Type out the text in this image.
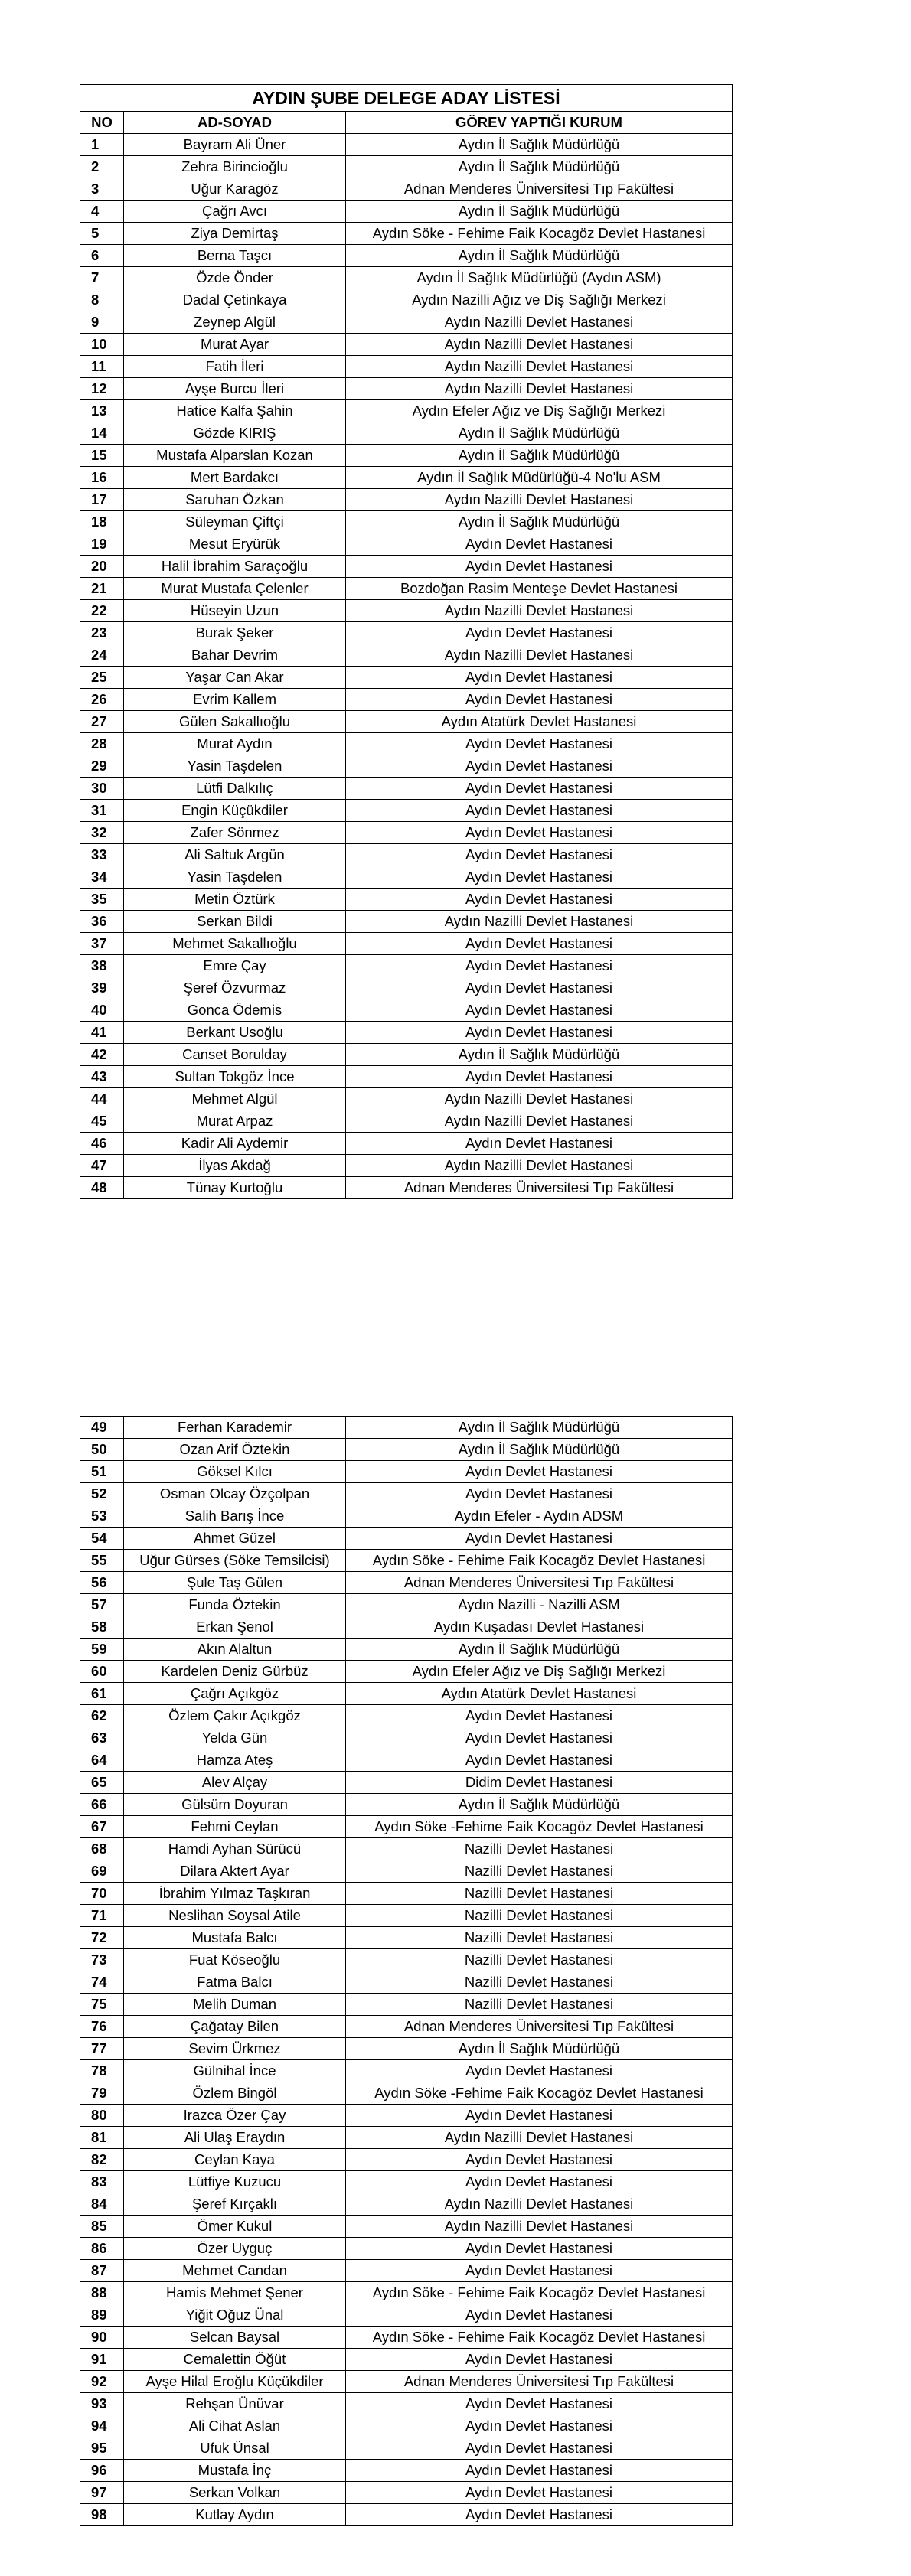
AYDIN ŞUBE DELEGE ADAY LİSTESİ		
NO	AD-SOYAD	GÖREV YAPTIĞI KURUM
1	Bayram Ali Üner	Aydın İl Sağlık Müdürlüğü
2	Zehra Birincioğlu	Aydın İl Sağlık Müdürlüğü
3	Uğur Karagöz	Adnan Menderes Üniversitesi Tıp Fakültesi
4	Çağrı Avcı	Aydın İl Sağlık Müdürlüğü
5	Ziya Demirtaş	Aydın Söke - Fehime Faik Kocagöz Devlet Hastanesi
6	Berna Taşcı	Aydın İl Sağlık Müdürlüğü
7	Özde Önder	Aydın İl Sağlık Müdürlüğü (Aydın ASM)
8	Dadal Çetinkaya	Aydın Nazilli Ağız ve Diş Sağlığı Merkezi
9	Zeynep Algül	Aydın Nazilli Devlet Hastanesi
10	Murat Ayar	Aydın Nazilli Devlet Hastanesi
11	Fatih İleri	Aydın Nazilli Devlet Hastanesi
12	Ayşe Burcu İleri	Aydın Nazilli Devlet Hastanesi
13	Hatice Kalfa Şahin	Aydın Efeler Ağız ve Diş Sağlığı Merkezi
14	Gözde KIRIŞ	Aydın İl Sağlık Müdürlüğü
15	Mustafa Alparslan Kozan	Aydın İl Sağlık Müdürlüğü
16	Mert Bardakcı	Aydın İl Sağlık Müdürlüğü-4 No'lu ASM
17	Saruhan Özkan	Aydın Nazilli Devlet Hastanesi
18	Süleyman Çiftçi	Aydın İl Sağlık Müdürlüğü
19	Mesut Eryürük	Aydın Devlet Hastanesi
20	Halil İbrahim Saraçoğlu	Aydın Devlet Hastanesi
21	Murat Mustafa Çelenler	Bozdoğan Rasim Menteşe Devlet Hastanesi
22	Hüseyin Uzun	Aydın Nazilli Devlet Hastanesi
23	Burak Şeker	Aydın Devlet Hastanesi
24	Bahar Devrim	Aydın Nazilli Devlet Hastanesi
25	Yaşar Can Akar	Aydın Devlet Hastanesi
26	Evrim Kallem	Aydın Devlet Hastanesi
27	Gülen Sakallıoğlu	Aydın Atatürk Devlet Hastanesi
28	Murat Aydın	Aydın Devlet Hastanesi
29	Yasin Taşdelen	Aydın Devlet Hastanesi
30	Lütfi Dalkılıç	Aydın Devlet Hastanesi
31	Engin Küçükdiler	Aydın Devlet Hastanesi
32	Zafer Sönmez	Aydın Devlet Hastanesi
33	Ali Saltuk Argün	Aydın Devlet Hastanesi
34	Yasin Taşdelen	Aydın Devlet Hastanesi
35	Metin Öztürk	Aydın Devlet Hastanesi
36	Serkan Bildi	Aydın Nazilli Devlet Hastanesi
37	Mehmet Sakallıoğlu	Aydın Devlet Hastanesi
38	Emre Çay	Aydın Devlet Hastanesi
39	Şeref Özvurmaz	Aydın Devlet Hastanesi
40	Gonca Ödemis	Aydın Devlet Hastanesi
41	Berkant Usoğlu	Aydın Devlet Hastanesi
42	Canset Borulday	Aydın İl Sağlık Müdürlüğü
43	Sultan Tokgöz İnce	Aydın Devlet Hastanesi
44	Mehmet Algül	Aydın Nazilli Devlet Hastanesi
45	Murat Arpaz	Aydın Nazilli Devlet Hastanesi
46	Kadir Ali Aydemir	Aydın Devlet Hastanesi
47	İlyas Akdağ	Aydın Nazilli Devlet Hastanesi
48	Tünay Kurtoğlu	Adnan Menderes Üniversitesi Tıp Fakültesi
49	Ferhan Karademir	Aydın İl Sağlık Müdürlüğü
50	Ozan Arif Öztekin	Aydın İl Sağlık Müdürlüğü
51	Göksel Kılcı	Aydın Devlet Hastanesi
52	Osman Olcay Özçolpan	Aydın Devlet Hastanesi
53	Salih Barış İnce	Aydın Efeler - Aydın ADSM
54	Ahmet Güzel	Aydın Devlet Hastanesi
55	Uğur Gürses (Söke Temsilcisi)	Aydın Söke - Fehime Faik Kocagöz Devlet Hastanesi
56	Şule Taş Gülen	Adnan Menderes Üniversitesi Tıp Fakültesi
57	Funda Öztekin	Aydın Nazilli - Nazilli ASM
58	Erkan Şenol	Aydın Kuşadası Devlet Hastanesi
59	Akın Alaltun	Aydın İl Sağlık Müdürlüğü
60	Kardelen Deniz Gürbüz	Aydın Efeler Ağız ve Diş Sağlığı Merkezi
61	Çağrı Açıkgöz	Aydın Atatürk Devlet Hastanesi
62	Özlem Çakır Açıkgöz	Aydın Devlet Hastanesi
63	Yelda Gün	Aydın Devlet Hastanesi
64	Hamza Ateş	Aydın Devlet Hastanesi
65	Alev Alçay	Didim Devlet Hastanesi
66	Gülsüm Doyuran	Aydın İl Sağlık Müdürlüğü
67	Fehmi Ceylan	Aydın Söke -Fehime Faik Kocagöz Devlet Hastanesi
68	Hamdi Ayhan Sürücü	Nazilli Devlet Hastanesi
69	Dilara Aktert Ayar	Nazilli Devlet Hastanesi
70	İbrahim Yılmaz Taşkıran	Nazilli Devlet Hastanesi
71	Neslihan Soysal Atile	Nazilli Devlet Hastanesi
72	Mustafa Balcı	Nazilli Devlet Hastanesi
73	Fuat Köseoğlu	Nazilli Devlet Hastanesi
74	Fatma Balcı	Nazilli Devlet Hastanesi
75	Melih Duman	Nazilli Devlet Hastanesi
76	Çağatay Bilen	Adnan Menderes Üniversitesi Tıp Fakültesi
77	Sevim Ürkmez	Aydın İl Sağlık Müdürlüğü
78	Gülnihal İnce	Aydın Devlet Hastanesi
79	Özlem Bingöl	Aydın Söke -Fehime Faik Kocagöz Devlet Hastanesi
80	Irazca Özer Çay	Aydın Devlet Hastanesi
81	Ali Ulaş Eraydın	Aydın Nazilli Devlet Hastanesi
82	Ceylan Kaya	Aydın Devlet Hastanesi
83	Lütfiye Kuzucu	Aydın Devlet Hastanesi
84	Şeref Kırçaklı	Aydın Nazilli Devlet Hastanesi
85	Ömer Kukul	Aydın Nazilli Devlet Hastanesi
86	Özer Uyguç	Aydın Devlet Hastanesi
87	Mehmet Candan	Aydın Devlet Hastanesi
88	Hamis Mehmet Şener	Aydın Söke - Fehime Faik Kocagöz Devlet Hastanesi
89	Yiğit Oğuz Ünal	Aydın Devlet Hastanesi
90	Selcan Baysal	Aydın Söke - Fehime Faik Kocagöz Devlet Hastanesi
91	Cemalettin Öğüt	Aydın Devlet Hastanesi
92	Ayşe Hilal Eroğlu Küçükdiler	Adnan Menderes Üniversitesi Tıp Fakültesi
93	Rehşan Ünüvar	Aydın Devlet Hastanesi
94	Ali Cihat Aslan	Aydın Devlet Hastanesi
95	Ufuk Ünsal	Aydın Devlet Hastanesi
96	Mustafa İnç	Aydın Devlet Hastanesi
97	Serkan Volkan	Aydın Devlet Hastanesi
98	Kutlay Aydın	Aydın Devlet Hastanesi
